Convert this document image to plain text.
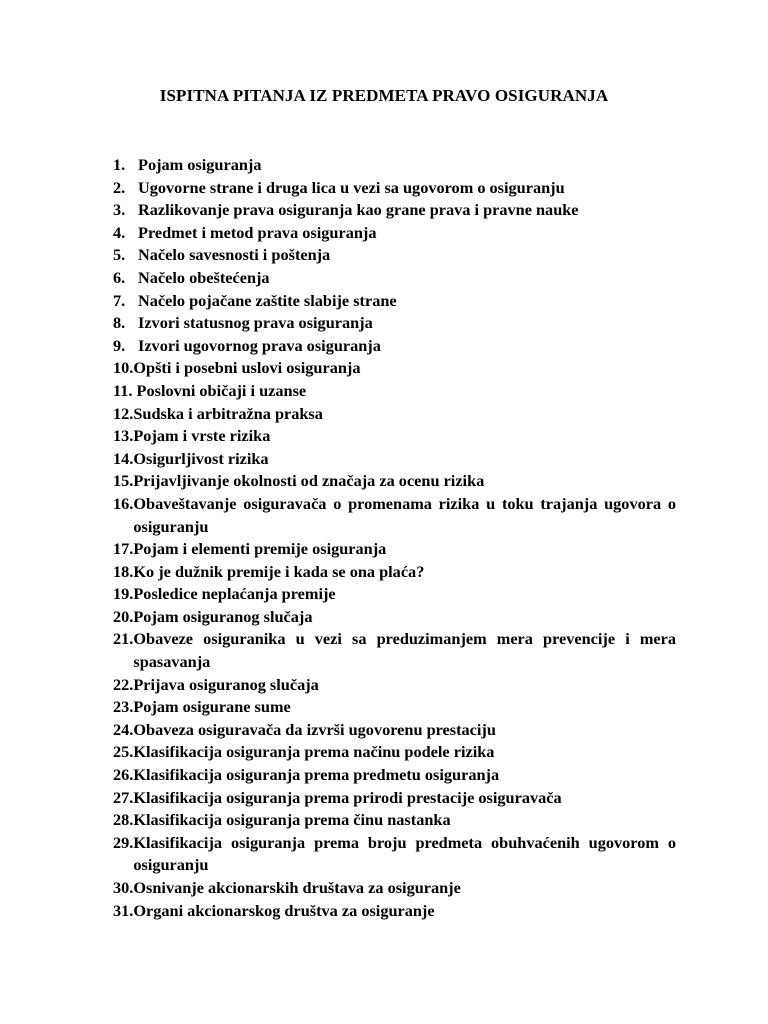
ISPITNA PITANJA IZ PREDMETA PRAVO OSIGURANJA
1. Pojam osiguranja
2. Ugovorne strane i druga lica u vezi sa ugovorom o osiguranju
3. Razlikovanje prava osiguranja kao grane prava i pravne nauke
4. Predmet i metod prava osiguranja
5. Načelo savesnosti i poštenja
6. Načelo obeštećenja
7. Načelo pojačane zaštite slabije strane
8. Izvori statusnog prava osiguranja
9. Izvori ugovornog prava osiguranja
10. Opšti i posebni uslovi osiguranja
11. Poslovni običaji i uzanse
12. Sudska i arbitražna praksa
13. Pojam i vrste rizika
14. Osigurljivost rizika
15. Prijavljivanje okolnosti od značaja za ocenu rizika
16. Obaveštavanje osiguravača o promenama rizika u toku trajanja ugovora o osiguranju
17. Pojam i elementi premije osiguranja
18. Ko je dužnik premije i kada se ona plaća?
19. Posledice neplaćanja premije
20. Pojam osiguranog slučaja
21. Obaveze osiguranika u vezi sa preduzimanjem mera prevencije i mera spasavanja
22. Prijava osiguranog slučaja
23. Pojam osigurane sume
24. Obaveza osiguravača da izvrši ugovorenu prestaciju
25. Klasifikacija osiguranja prema načinu podele rizika
26. Klasifikacija osiguranja prema predmetu osiguranja
27. Klasifikacija osiguranja prema prirodi prestacije osiguravača
28. Klasifikacija osiguranja prema činu nastanka
29. Klasifikacija osiguranja prema broju predmeta obuhvaćenih ugovorom o osiguranju
30. Osnivanje akcionarskih društava za osiguranje
31. Organi akcionarskog društva za osiguranje
